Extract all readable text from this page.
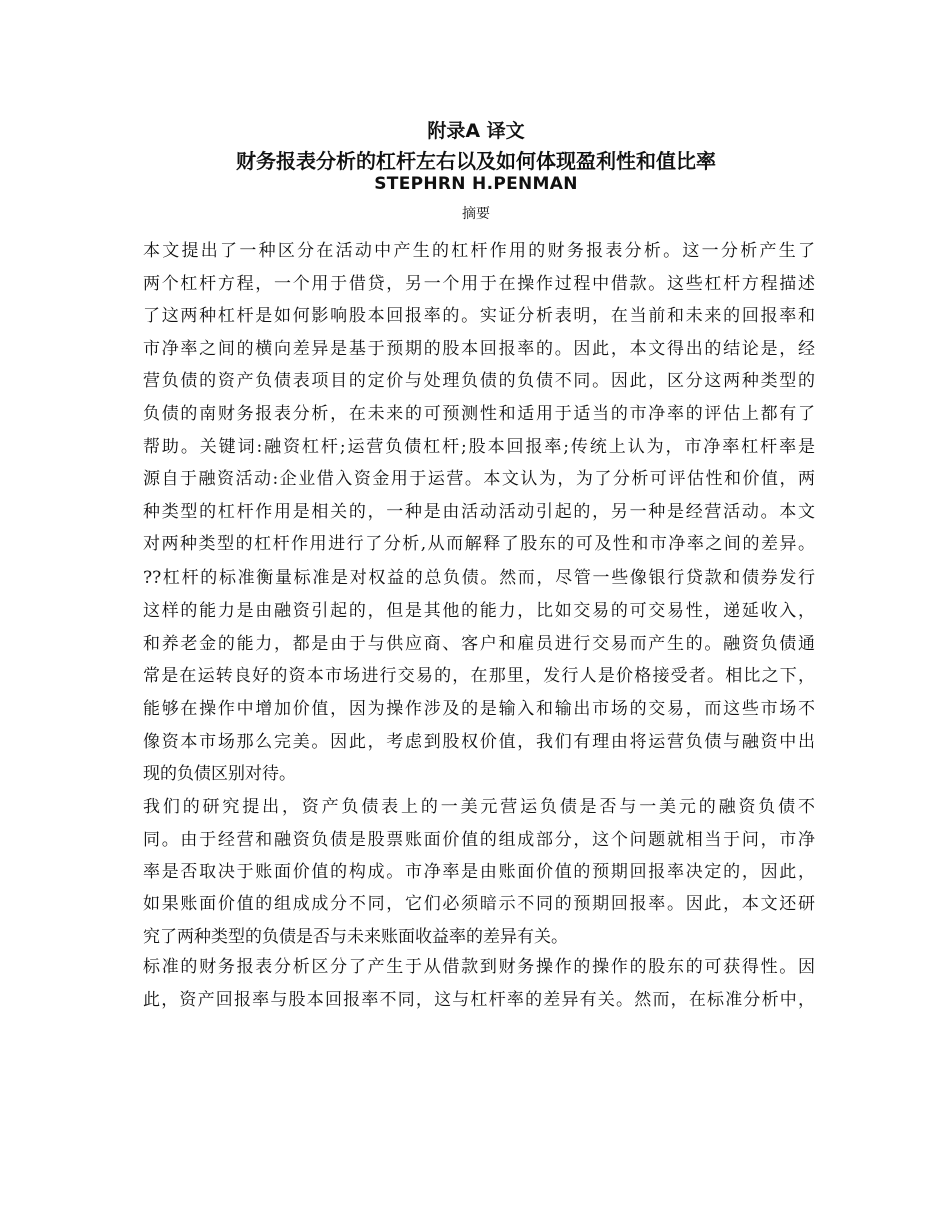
附录A 译文
财务报表分析的杠杆左右以及如何体现盈利性和值比率
STEPHRN H.PENMAN
摘要
本文提出了一种区分在活动中产生的杠杆作用的财务报表分析。这一分析产生了
两个杠杆方程，一个用于借贷，另一个用于在操作过程中借款。这些杠杆方程描述
了这两种杠杆是如何影响股本回报率的。实证分析表明，在当前和未来的回报率和
市净率之间的横向差异是基于预期的股本回报率的。因此，本文得出的结论是，经
营负债的资产负债表项目的定价与处理负债的负债不同。因此，区分这两种类型的
负债的南财务报表分析，在未来的可预测性和适用于适当的市净率的评估上都有了
帮助。关键词:融资杠杆;运营负债杠杆;股本回报率;传统上认为，市净率杠杆率是
源自于融资活动:企业借入资金用于运营。本文认为，为了分析可评估性和价值，两
种类型的杠杆作用是相关的，一种是由活动活动引起的，另一种是经营活动。本文
对两种类型的杠杆作用进行了分析,从而解释了股东的可及性和市净率之间的差异。
??杠杆的标准衡量标准是对权益的总负债。然而，尽管一些像银行贷款和债券发行
这样的能力是由融资引起的，但是其他的能力，比如交易的可交易性，递延收入，
和养老金的能力，都是由于与供应商、客户和雇员进行交易而产生的。融资负债通
常是在运转良好的资本市场进行交易的，在那里，发行人是价格接受者。相比之下，
能够在操作中增加价值，因为操作涉及的是输入和输出市场的交易，而这些市场不
像资本市场那么完美。因此，考虑到股权价值，我们有理由将运营负债与融资中出
现的负债区别对待。
我们的研究提出，资产负债表上的一美元营运负债是否与一美元的融资负债不
同。由于经营和融资负债是股票账面价值的组成部分，这个问题就相当于问，市净
率是否取决于账面价值的构成。市净率是由账面价值的预期回报率决定的，因此，
如果账面价值的组成成分不同，它们必须暗示不同的预期回报率。因此，本文还研
究了两种类型的负债是否与未来账面收益率的差异有关。
标准的财务报表分析区分了产生于从借款到财务操作的操作的股东的可获得性。因
此，资产回报率与股本回报率不同，这与杠杆率的差异有关。然而，在标准分析中，
